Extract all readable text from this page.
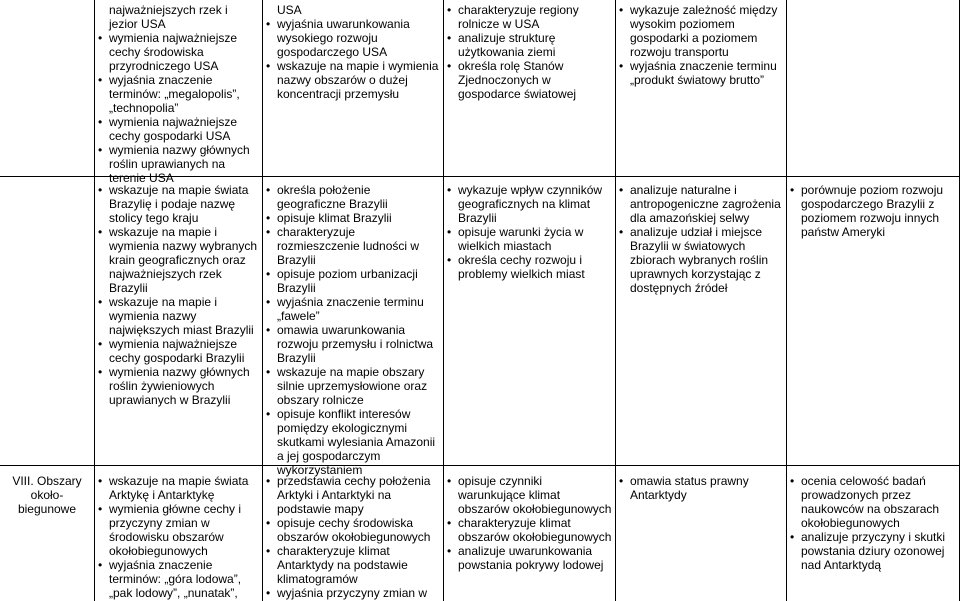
VIII. Obszary
około-
biegunowe
najważniejszych rzek i jezior USA
• wymienia najważniejsze cechy środowiska przyrodniczego USA
• wyjaśnia znaczenie terminów: „megalopolis”, „technopolia”
• wymienia najważniejsze cechy gospodarki USA
• wymienia nazwy głównych roślin uprawianych na terenie USA
• wskazuje na mapie świata Brazylię i podaje nazwę stolicy tego kraju
• wskazuje na mapie i wymienia nazwy wybranych krain geograficznych oraz najważniejszych rzek Brazylii
• wskazuje na mapie i wymienia nazwy największych miast Brazylii
• wymienia najważniejsze cechy gospodarki Brazylii
• wymienia nazwy głównych roślin żywieniowych uprawianych w Brazylii
• wskazuje na mapie świata Arktykę i Antarktykę
• wymienia główne cechy i przyczyny zmian w środowisku obszarów okołobiegunowych
• wyjaśnia znaczenie terminów: „góra lodowa”, „pak lodowy”, „nunatak”,
USA
• wyjaśnia uwarunkowania wysokiego rozwoju gospodarczego USA
• wskazuje na mapie i wymienia nazwy obszarów o dużej koncentracji przemysłu
• określa położenie geograficzne Brazylii
• opisuje klimat Brazylii
• charakteryzuje rozmieszczenie ludności w Brazylii
• opisuje poziom urbanizacji Brazylii
• wyjaśnia znaczenie terminu „fawele”
• omawia uwarunkowania rozwoju przemysłu i rolnictwa Brazylii
• wskazuje na mapie obszary silnie uprzemysłowione oraz obszary rolnicze
• opisuje konflikt interesów pomiędzy ekologicznymi skutkami wylesiania Amazonii a jej gospodarczym wykorzystaniem
• przedstawia cechy położenia Arktyki i Antarktyki na podstawie mapy
• opisuje cechy środowiska obszarów okołobiegunowych
• charakteryzuje klimat Antarktydy na podstawie klimatogramów
• wyjaśnia przyczyny zmian w
• charakteryzuje regiony rolnicze w USA
• analizuje strukturę użytkowania ziemi
• określa rolę Stanów Zjednoczonych w gospodarce światowej
• wykazuje wpływ czynników geograficznych na klimat Brazylii
• opisuje warunki życia w wielkich miastach
• określa cechy rozwoju i problemy wielkich miast
• opisuje czynniki warunkujące klimat obszarów okołobiegunowych
• charakteryzuje klimat obszarów okołobiegunowych
• analizuje uwarunkowania powstania pokrywy lodowej
• wykazuje zależność między wysokim poziomem gospodarki a poziomem rozwoju transportu
• wyjaśnia znaczenie terminu „produkt światowy brutto”
• analizuje naturalne i antropogeniczne zagrożenia dla amazońskiej selwy
• analizuje udział i miejsce Brazylii w światowych zbiorach wybranych roślin uprawnych korzystając z dostępnych źródeł
• omawia status prawny Antarktydy
• porównuje poziom rozwoju gospodarczego Brazylii z poziomem rozwoju innych państw Ameryki
• ocenia celowość badań prowadzonych przez naukowców na obszarach okołobiegunowych
• analizuje przyczyny i skutki powstania dziury ozonowej nad Antarktydą
